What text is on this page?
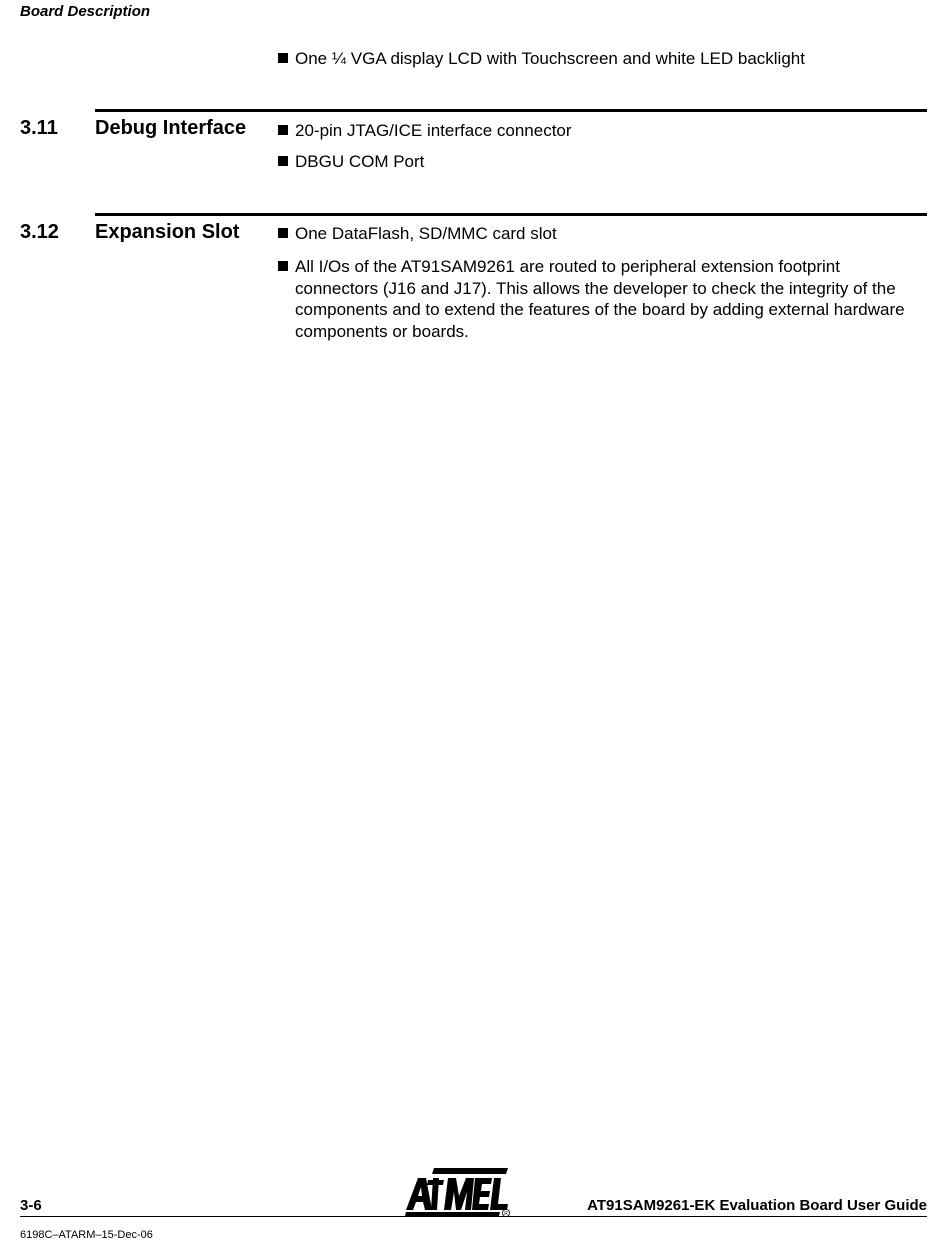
Board Description
One ¼ VGA display LCD with Touchscreen and white LED backlight
3.11 Debug Interface	20-pin JTAG/ICE interface connector
DBGU COM Port
3.12 Expansion Slot	One DataFlash, SD/MMC card slot
All I/Os of the AT91SAM9261 are routed to peripheral extension footprint connectors (J16 and J17). This allows the developer to check the integrity of the components and to extend the features of the board by adding external hardware components or boards.
3-6	R	AT91SAM9261-EK Evaluation Board User Guide
6198C–ATARM–15-Dec-06
